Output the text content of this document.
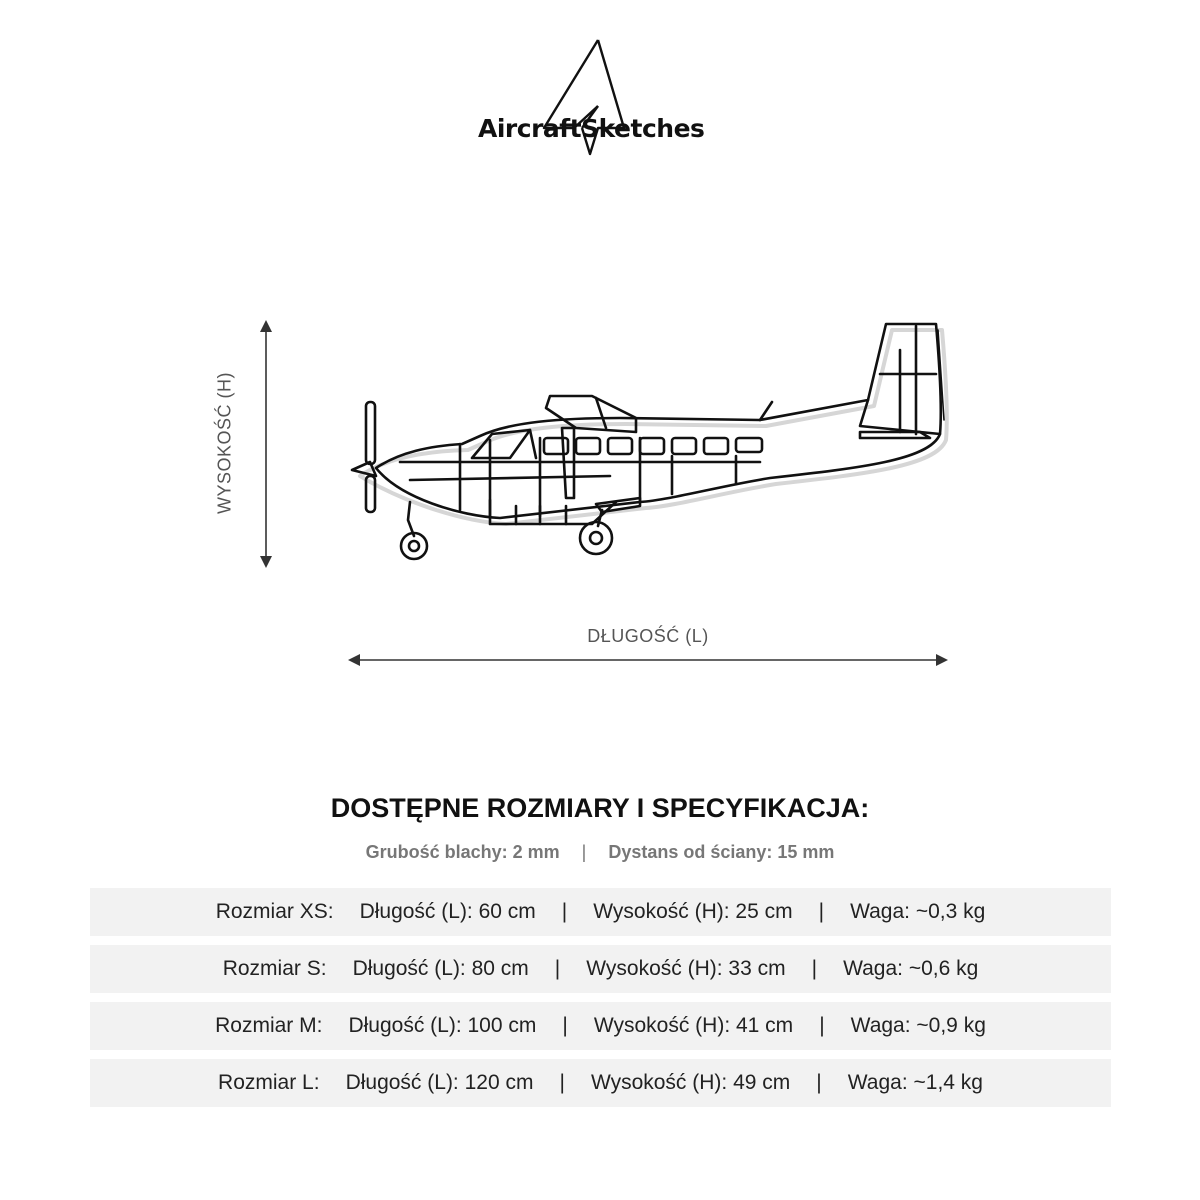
AircraftSketches
WYSOKOŚĆ (H)
DŁUGOŚĆ (L)
DOSTĘPNE ROZMIARY I SPECYFIKACJA:
Grubość blachy: 2 mm | Dystans od ściany: 15 mm
Rozmiar XS: Długość (L): 60 cm | Wysokość (H): 25 cm | Waga: ~0,3 kg
Rozmiar S: Długość (L): 80 cm | Wysokość (H): 33 cm | Waga: ~0,6 kg
Rozmiar M: Długość (L): 100 cm | Wysokość (H): 41 cm | Waga: ~0,9 kg
Rozmiar L: Długość (L): 120 cm | Wysokość (H): 49 cm | Waga: ~1,4 kg
